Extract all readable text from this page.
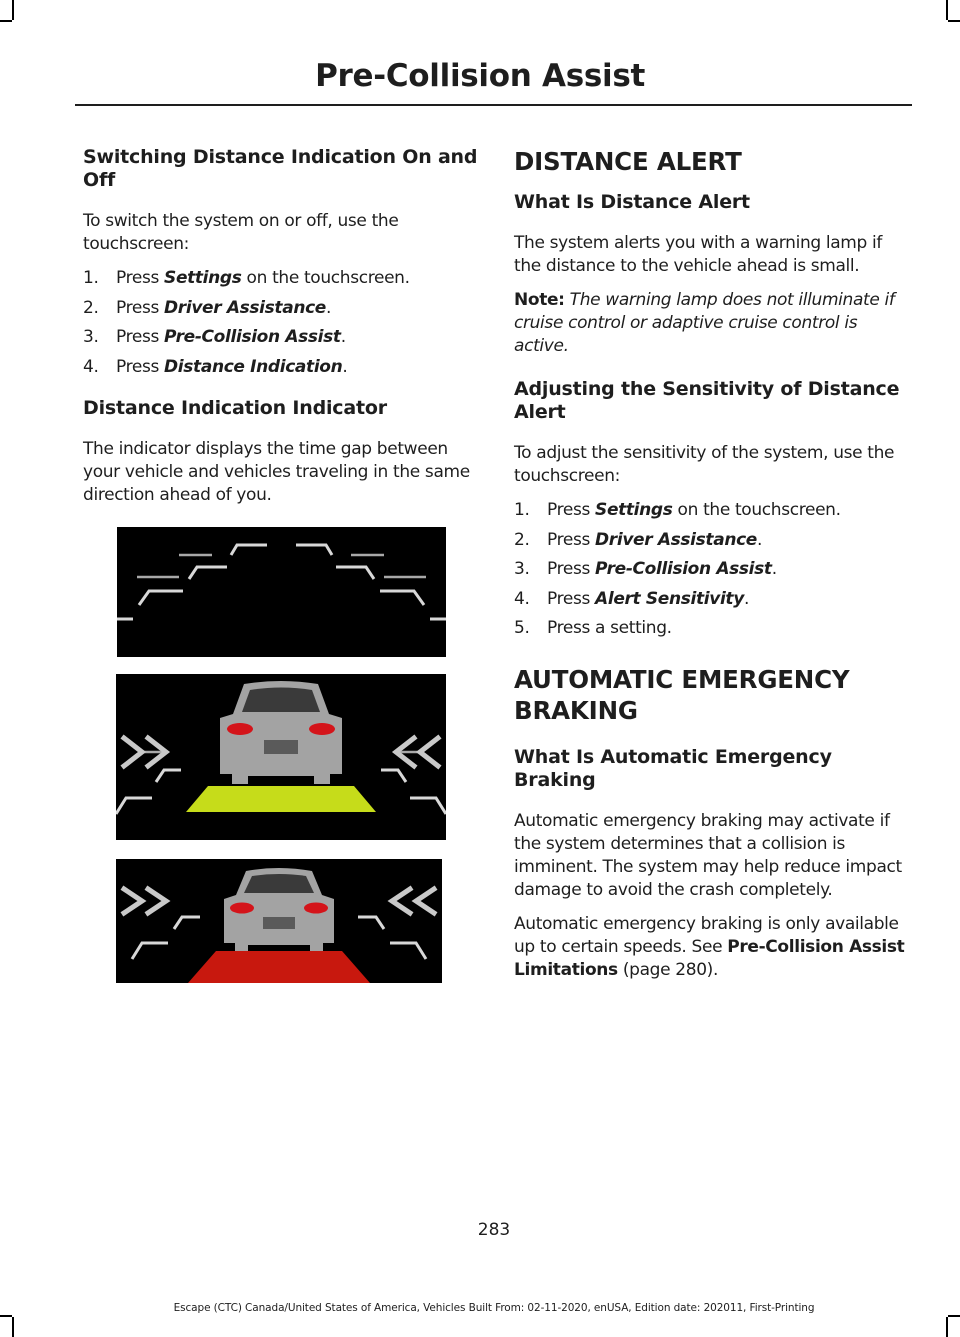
Pre-Collision Assist
Switching Distance Indication On and Off

To switch the system on or off, use the touchscreen:

1.	Press Settings on the touchscreen.
2.	Press Driver Assistance.
3.	Press Pre-Collision Assist.
4.	Press Distance Indication.
Distance Indication Indicator

The indicator displays the time gap between your vehicle and vehicles traveling in the same direction ahead of you.

DISTANCE ALERT
What Is Distance Alert

The system alerts you with a warning lamp if the distance to the vehicle ahead is small.

Note: The warning lamp does not illuminate if cruise control or adaptive cruise control is active.

Adjusting the Sensitivity of Distance Alert

To adjust the sensitivity of the system, use the touchscreen:

1.	Press Settings on the touchscreen.
2.	Press Driver Assistance.
3.	Press Pre-Collision Assist.
4.	Press Alert Sensitivity.
5.	Press a setting.
AUTOMATIC EMERGENCY
BRAKING
What Is Automatic Emergency Braking

Automatic emergency braking may activate if the system determines that a collision is imminent. The system may help reduce impact damage to avoid the crash completely.

Automatic emergency braking is only available up to certain speeds. See Pre-Collision Assist Limitations (page 280).

283
Escape (CTC) Canada/United States of America, Vehicles Built From: 02-11-2020, enUSA, Edition date: 202011, First-Printing
